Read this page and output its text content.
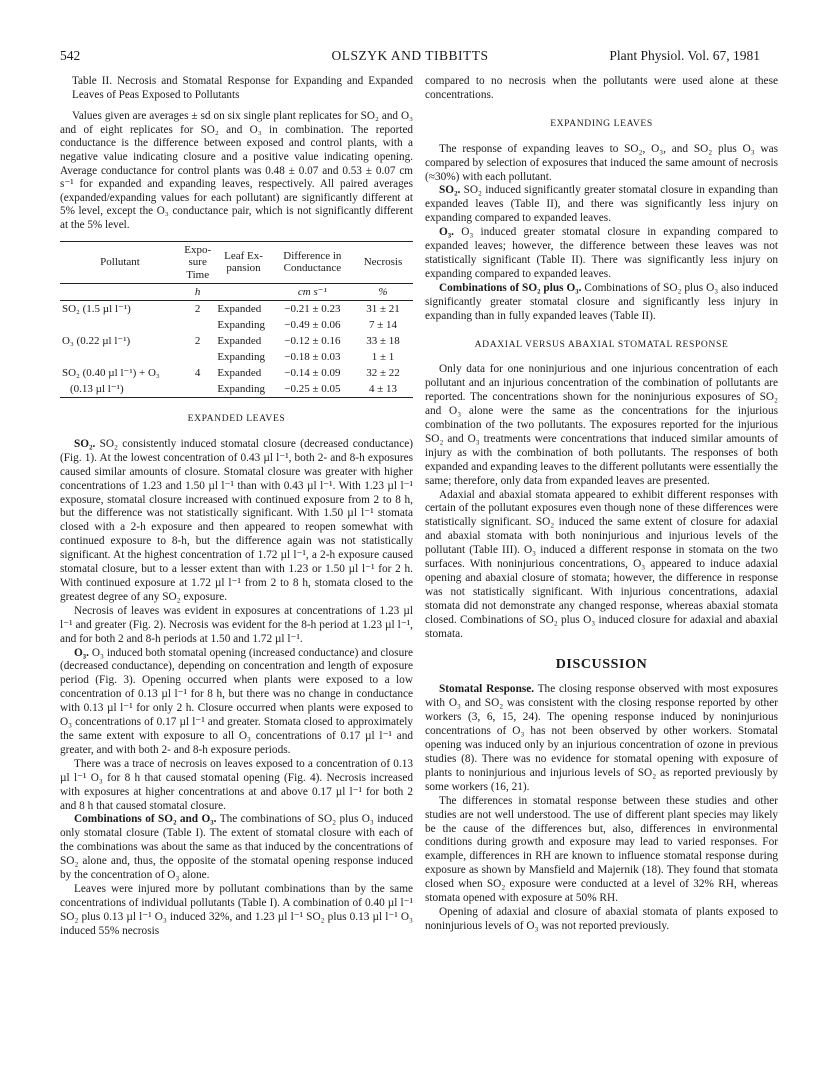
542	OLSZYK AND TIBBITTS	Plant Physiol. Vol. 67, 1981

Table II. Necrosis and Stomatal Response for Expanding and Expanded Leaves of Peas Exposed to Pollutants

Values given are averages ± sd on six single plant replicates for SO₂ and O₃ and of eight replicates for SO₂ and O₃ in combination. The reported conductance is the difference between exposed and control plants, with a negative value indicating closure and a positive value indicating opening. Average conductance for control plants was 0.48 ± 0.07 and 0.53 ± 0.07 cm s⁻¹ for expanded and expanding leaves, respectively. All paired averages (expanded/expanding values for each pollutant) are significantly different at 5% level, except the O₃ conductance pair, which is not significantly different at the 5% level.

Pollutant	Expo-sure Time	Leaf Ex-pansion	Difference in Conductance	Necrosis
	h		cm s⁻¹	%
SO₂ (1.5 µl l⁻¹)	2	Expanded	−0.21 ± 0.23	31 ± 21
		Expanding	−0.49 ± 0.06	7 ± 14
O₃ (0.22 µl l⁻¹)	2	Expanded	−0.12 ± 0.16	33 ± 18
		Expanding	−0.18 ± 0.03	1 ± 1
SO₂ (0.40 µl l⁻¹) + O₃	4	Expanded	−0.14 ± 0.09	32 ± 22
(0.13 µl l⁻¹)		Expanding	−0.25 ± 0.05	4 ± 13
EXPANDED LEAVES

SO₂. SO₂ consistently induced stomatal closure (decreased conductance) (Fig. 1). At the lowest concentration of 0.43 µl l⁻¹, both 2- and 8-h exposures caused similar amounts of closure. Stomatal closure was greater with higher concentrations of 1.23 and 1.50 µl l⁻¹ than with 0.43 µl l⁻¹. With 1.23 µl l⁻¹ exposure, stomatal closure increased with continued exposure from 2 to 8 h, but the difference was not statistically significant. With 1.50 µl l⁻¹ stomata closed with a 2-h exposure and then appeared to reopen somewhat with continued exposure to 8-h, but the difference again was not statistically significant. At the highest concentration of 1.72 µl l⁻¹, a 2-h exposure caused stomatal closure, but to a lesser extent than with 1.23 or 1.50 µl l⁻¹ for 2 h. With continued exposure at 1.72 µl l⁻¹ from 2 to 8 h, stomata closed to the greatest degree of any SO₂ exposure.

Necrosis of leaves was evident in exposures at concentrations of 1.23 µl l⁻¹ and greater (Fig. 2). Necrosis was evident for the 8-h period at 1.23 µl l⁻¹, and for both 2 and 8-h periods at 1.50 and 1.72 µl l⁻¹.

O₃. O₃ induced both stomatal opening (increased conductance) and closure (decreased conductance), depending on concentration and length of exposure period (Fig. 3). Opening occurred when plants were exposed to a low concentration of 0.13 µl l⁻¹ for 8 h, but there was no change in conductance with 0.13 µl l⁻¹ for only 2 h. Closure occurred when plants were exposed to O₃ concentrations of 0.17 µl l⁻¹ and greater. Stomata closed to approximately the same extent with exposure to all O₃ concentrations of 0.17 µl l⁻¹ and greater, and with both 2- and 8-h exposure periods.

There was a trace of necrosis on leaves exposed to a concentration of 0.13 µl l⁻¹ O₃ for 8 h that caused stomatal opening (Fig. 4). Necrosis increased with exposures at higher concentrations at and above 0.17 µl l⁻¹ for both 2 and 8 h that caused stomatal closure.

Combinations of SO₂ and O₃. The combinations of SO₂ plus O₃ induced only stomatal closure (Table I). The extent of stomatal closure with each of the combinations was about the same as that induced by the concentrations of SO₂ alone and, thus, the opposite of the stomatal opening response induced by the concentration of O₃ alone.

Leaves were injured more by pollutant combinations than by the same concentrations of individual pollutants (Table I). A combination of 0.40 µl l⁻¹ SO₂ plus 0.13 µl l⁻¹ O₃ induced 32%, and 1.23 µl l⁻¹ SO₂ plus 0.13 µl l⁻¹ O₃ induced 55% necrosis

compared to no necrosis when the pollutants were used alone at these concentrations.

EXPANDING LEAVES

The response of expanding leaves to SO₂, O₃, and SO₂ plus O₃ was compared by selection of exposures that induced the same amount of necrosis (≈30%) with each pollutant.

SO₂. SO₂ induced significantly greater stomatal closure in expanding than expanded leaves (Table II), and there was significantly less injury on expanding compared to expanded leaves.

O₃. O₃ induced greater stomatal closure in expanding compared to expanded leaves; however, the difference between these leaves was not statistically significant (Table II). There was significantly less injury on expanding compared to expanded leaves.

Combinations of SO₂ plus O₃. Combinations of SO₂ plus O₃ also induced significantly greater stomatal closure and significantly less injury in expanding than in fully expanded leaves (Table II).

ADAXIAL VERSUS ABAXIAL STOMATAL RESPONSE

Only data for one noninjurious and one injurious concentration of each pollutant and an injurious concentration of the combination of pollutants are reported. The concentrations shown for the noninjurious exposures of SO₂ and O₃ alone were the same as the concentrations for the injurious combination of the two pollutants. The exposures reported for the injurious SO₂ and O₃ treatments were concentrations that induced similar amounts of injury as with the combination of both pollutants. The responses of both expanded and expanding leaves to the different pollutants were essentially the same; therefore, only data from expanded leaves are presented.

Adaxial and abaxial stomata appeared to exhibit different responses with certain of the pollutant exposures even though none of these differences were statistically significant. SO₂ induced the same extent of closure for adaxial and abaxial stomata with both noninjurious and injurious levels of the pollutant (Table III). O₃ induced a different response in stomata on the two surfaces. With noninjurious concentrations, O₃ appeared to induce adaxial opening and abaxial closure of stomata; however, the difference in response was not statistically significant. With injurious concentrations, adaxial stomata did not demonstrate any changed response, whereas abaxial stomata closed. Combinations of SO₂ plus O₃ induced closure for adaxial and abaxial stomata.

DISCUSSION

Stomatal Response. The closing response observed with most exposures with O₃ and SO₂ was consistent with the closing response reported by other workers (3, 6, 15, 24). The opening response induced by noninjurious concentrations of O₃ has not been observed by other workers. Stomatal opening was induced only by an injurious concentration of ozone in previous studies (8). There was no evidence for stomatal opening with exposure of plants to noninjurious and injurious levels of SO₂ as reported previously by some workers (16, 21).

The differences in stomatal response between these studies and other studies are not well understood. The use of different plant species may likely be the cause of the differences but, also, differences in environmental conditions during growth and exposure may lead to varied responses. For example, differences in RH are known to influence stomatal response during exposure as shown by Mansfield and Majernik (18). They found that stomata closed when SO₂ exposure were conducted at a level of 32% RH, whereas stomata opened with exposure at 50% RH.

Opening of adaxial and closure of abaxial stomata of plants exposed to noninjurious levels of O₃ was not reported previously.
